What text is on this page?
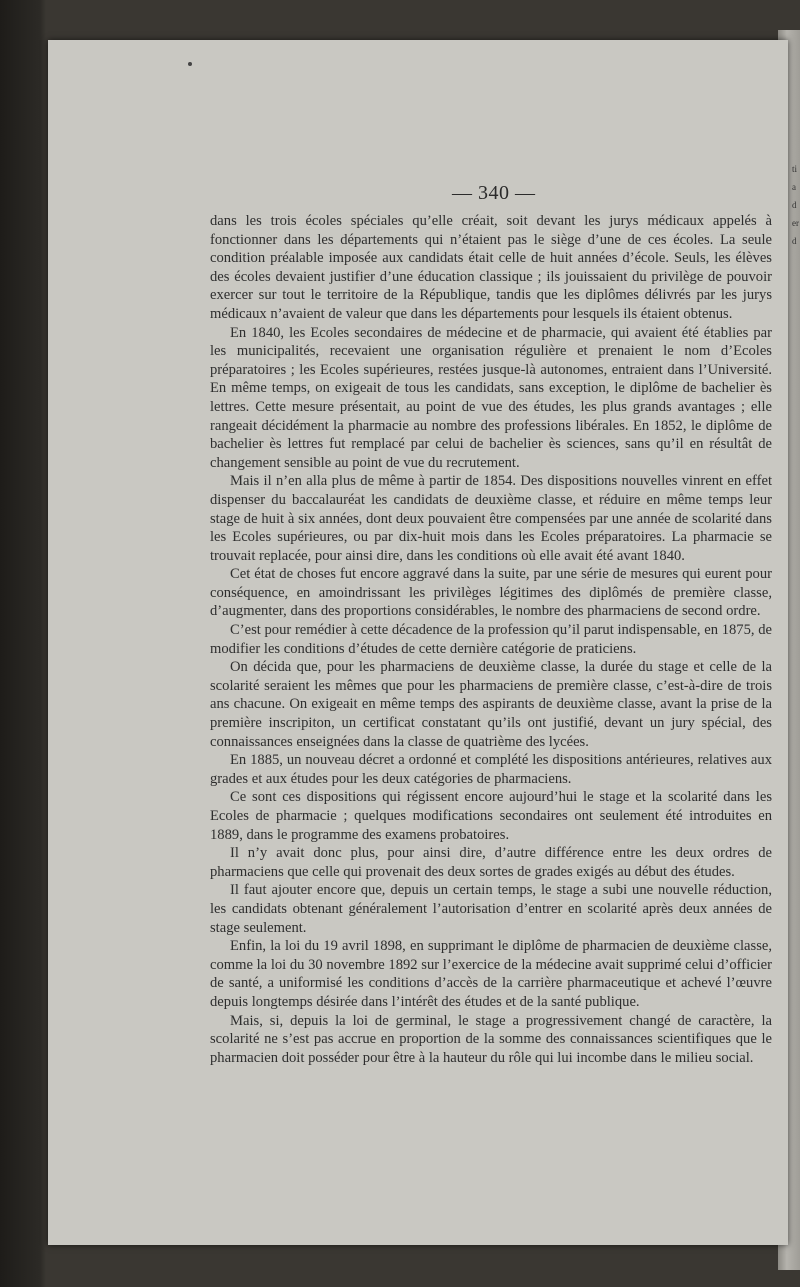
tiaderd
— 340 —

dans les trois écoles spéciales qu’elle créait, soit devant les jurys médicaux appelés à fonctionner dans les départements qui n’étaient pas le siège d’une de ces écoles. La seule condition préalable imposée aux candidats était celle de huit années d’école. Seuls, les élèves des écoles devaient justifier d’une éducation classique ; ils jouissaient du privilège de pouvoir exercer sur tout le territoire de la République, tandis que les diplômes délivrés par les jurys médicaux n’avaient de valeur que dans les départements pour lesquels ils étaient obtenus.

En 1840, les Ecoles secondaires de médecine et de pharmacie, qui avaient été établies par les municipalités, recevaient une organisation régulière et prenaient le nom d’Ecoles préparatoires ; les Ecoles supérieures, restées jusque-là autonomes, entraient dans l’Université. En même temps, on exigeait de tous les candidats, sans exception, le diplôme de bachelier ès lettres. Cette mesure présentait, au point de vue des études, les plus grands avantages ; elle rangeait décidément la pharmacie au nombre des professions libérales. En 1852, le diplôme de bachelier ès lettres fut remplacé par celui de bachelier ès sciences, sans qu’il en résultât de changement sensible au point de vue du recrutement.

Mais il n’en alla plus de même à partir de 1854. Des dispositions nouvelles vinrent en effet dispenser du baccalauréat les candidats de deuxième classe, et réduire en même temps leur stage de huit à six années, dont deux pouvaient être compensées par une année de scolarité dans les Ecoles supérieures, ou par dix-huit mois dans les Ecoles préparatoires. La pharmacie se trouvait replacée, pour ainsi dire, dans les conditions où elle avait été avant 1840.

Cet état de choses fut encore aggravé dans la suite, par une série de mesures qui eurent pour conséquence, en amoindrissant les privilèges légitimes des diplômés de première classe, d’augmenter, dans des proportions considérables, le nombre des pharmaciens de second ordre.

C’est pour remédier à cette décadence de la profession qu’il parut indispensable, en 1875, de modifier les conditions d’études de cette dernière catégorie de praticiens.

On décida que, pour les pharmaciens de deuxième classe, la durée du stage et celle de la scolarité seraient les mêmes que pour les pharmaciens de première classe, c’est-à-dire de trois ans chacune. On exigeait en même temps des aspirants de deuxième classe, avant la prise de la première inscripiton, un certificat constatant qu’ils ont justifié, devant un jury spécial, des connaissances enseignées dans la classe de quatrième des lycées.

En 1885, un nouveau décret a ordonné et complété les dispositions antérieures, relatives aux grades et aux études pour les deux catégories de pharmaciens.

Ce sont ces dispositions qui régissent encore aujourd’hui le stage et la scolarité dans les Ecoles de pharmacie ; quelques modifications secondaires ont seulement été introduites en 1889, dans le programme des examens probatoires.

Il n’y avait donc plus, pour ainsi dire, d’autre différence entre les deux ordres de pharmaciens que celle qui provenait des deux sortes de grades exigés au début des études.

Il faut ajouter encore que, depuis un certain temps, le stage a subi une nouvelle réduction, les candidats obtenant généralement l’autorisation d’entrer en scolarité après deux années de stage seulement.

Enfin, la loi du 19 avril 1898, en supprimant le diplôme de pharmacien de deuxième classe, comme la loi du 30 novembre 1892 sur l’exercice de la médecine avait supprimé celui d’officier de santé, a uniformisé les conditions d’accès de la carrière pharmaceutique et achevé l’œuvre depuis longtemps désirée dans l’intérêt des études et de la santé publique.

Mais, si, depuis la loi de germinal, le stage a progressivement changé de caractère, la scolarité ne s’est pas accrue en proportion de la somme des connaissances scientifiques que le pharmacien doit posséder pour être à la hauteur du rôle qui lui incombe dans le milieu social.
